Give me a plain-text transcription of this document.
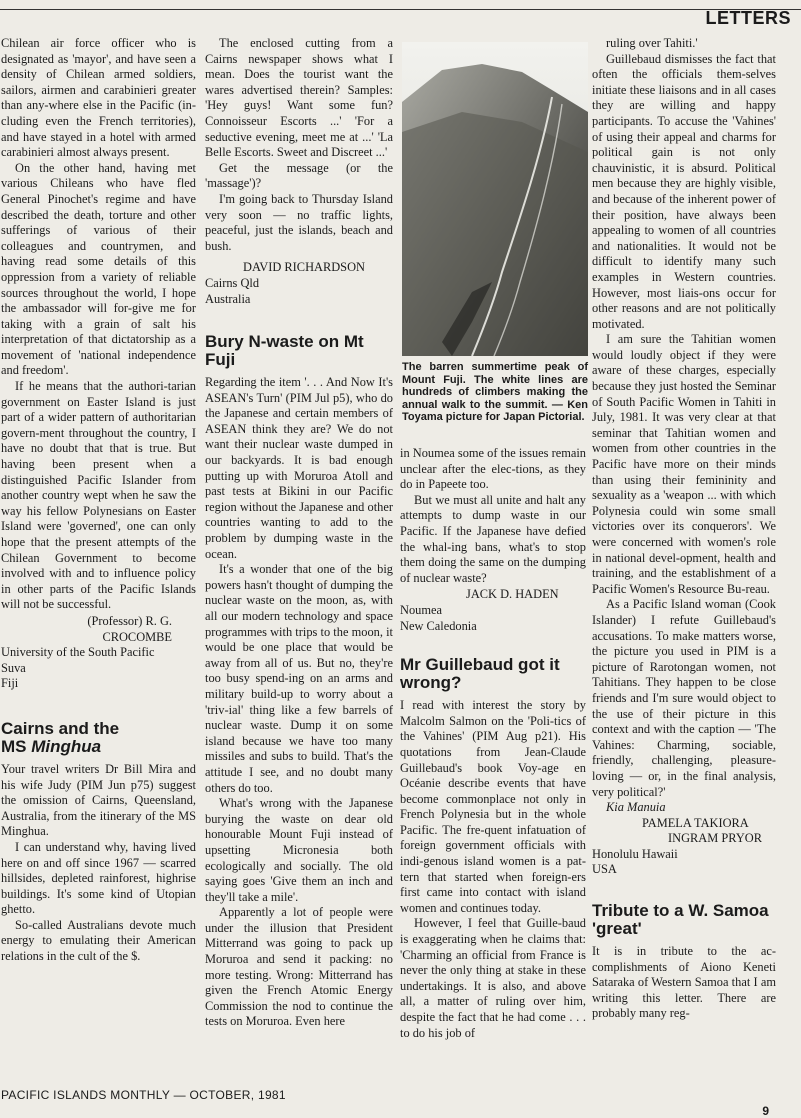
LETTERS

Chilean air force officer who is designated as 'mayor', and have seen a density of Chilean armed soldiers, sailors, airmen and carabinieri greater than any-where else in the Pacific (in-cluding even the French territories), and have stayed in a hotel with armed carabinieri almost always present.

On the other hand, having met various Chileans who have fled General Pinochet's regime and have described the death, torture and other sufferings of various of their colleagues and countrymen, and having read some details of this oppression from a variety of reliable sources throughout the world, I hope the ambassador will for-give me for taking with a grain of salt his interpretation of that dictatorship as a movement of 'national independence and freedom'.

If he means that the authori-tarian government on Easter Island is just part of a wider pattern of authoritarian govern-ment throughout the country, I have no doubt that that is true. But having been present when a distinguished Pacific Islander from another country wept when he saw the way his fellow Polynesians on Easter Island were 'governed', one can only hope that the present attempts of the Chilean Government to become involved with and to influence policy in other parts of the Pacific Islands will not be successful.

(Professor) R. G.
CROCOMBE
University of the South Pacific
Suva
Fiji
Cairns and the
MS Minghua

Your travel writers Dr Bill Mira and his wife Judy (PIM Jun p75) suggest the omission of Cairns, Queensland, Australia, from the itinerary of the MS Minghua.

I can understand why, having lived here on and off since 1967 — scarred hillsides, depleted rainforest, highrise buildings. It's some kind of Utopian ghetto.

So-called Australians devote much energy to emulating their American relations in the cult of the $.

The enclosed cutting from a Cairns newspaper shows what I mean. Does the tourist want the wares advertised therein? Samples: 'Hey guys! Want some fun? Connoisseur Escorts ...' 'For a seductive evening, meet me at ...' 'La Belle Escorts. Sweet and Discreet ...'

Get the message (or the 'massage')?

I'm going back to Thursday Island very soon — no traffic lights, peaceful, just the islands, beach and bush.

DAVID RICHARDSON
Cairns Qld
Australia
Bury N-waste on Mt Fuji

Regarding the item '. . . And Now It's ASEAN's Turn' (PIM Jul p5), who do the Japanese and certain members of ASEAN think they are? We do not want their nuclear waste dumped in our backyards. It is bad enough putting up with Moruroa Atoll and past tests at Bikini in our Pacific region without the Japanese and other countries wanting to add to the problem by dumping waste in the ocean.

It's a wonder that one of the big powers hasn't thought of dumping the nuclear waste on the moon, as, with all our modern technology and space programmes with trips to the moon, it would be one place that would be away from all of us. But no, they're too busy spend-ing on an arms and military build-up to worry about a 'triv-ial' thing like a few barrels of nuclear waste. Dump it on some island because we have too many missiles and subs to build. That's the attitude I see, and no doubt many others do too.

What's wrong with the Japanese burying the waste on dear old honourable Mount Fuji instead of upsetting Micronesia both ecologically and socially. The old saying goes 'Give them an inch and they'll take a mile'.

Apparently a lot of people were under the illusion that President Mitterrand was going to pack up Moruroa and send it packing: no more testing. Wrong: Mitterrand has given the French Atomic Energy Commission the nod to continue the tests on Moruroa. Even here

The barren summertime peak of Mount Fuji. The white lines are hundreds of climbers making the annual walk to the summit. — Ken Toyama picture for Japan Pictorial.

in Noumea some of the issues remain unclear after the elec-tions, as they do in Papeete too.

But we must all unite and halt any attempts to dump waste in our Pacific. If the Japanese have defied the whal-ing bans, what's to stop them doing the same on the dumping of nuclear waste?

JACK D. HADEN
Noumea
New Caledonia
Mr Guillebaud got it wrong?

I read with interest the story by Malcolm Salmon on the 'Poli-tics of the Vahines' (PIM Aug p21). His quotations from Jean-Claude Guillebaud's book Voy-age en Océanie describe events that have become commonplace not only in French Polynesia but in the whole Pacific. The fre-quent infatuation of foreign government officials with indi-genous island women is a pat-tern that started when foreign-ers first came into contact with island women and continues today.

However, I feel that Guille-baud is exaggerating when he claims that: 'Charming an official from France is never the only thing at stake in these undertakings. It is also, and above all, a matter of ruling over him, despite the fact that he had come . . . to do his job of

ruling over Tahiti.'

Guillebaud dismisses the fact that often the officials them-selves initiate these liaisons and in all cases they are willing and happy participants. To accuse the 'Vahines' of using their appeal and charms for political gain is not only chauvinistic, it is absurd. Political men because they are highly visible, and because of the inherent power of their position, have always been appealing to women of all countries and nationalities. It would not be difficult to identify many such examples in Western countries. However, most liais-ons occur for other reasons and are not politically motivated.

I am sure the Tahitian women would loudly object if they were aware of these charges, especially because they just hosted the Seminar of South Pacific Women in Tahiti in July, 1981. It was very clear at that seminar that Tahitian women and women from other countries in the Pacific have more on their minds than using their femininity and sexuality as a 'weapon ... with which Polynesia could win some small victories over its conquerors'. We were concerned with women's role in national devel-opment, health and training, and the establishment of a Pacific Women's Resource Bu-reau.

As a Pacific Island woman (Cook Islander) I refute Guillebaud's accusations. To make matters worse, the picture you used in PIM is a picture of Rarotongan women, not Tahitians. They happen to be close friends and I'm sure would object to the use of their picture in this context and with the caption — 'The Vahines: Charming, sociable, friendly, challenging, pleasure-loving — or, in the final analysis, very political?'

Kia Manuia
PAMELA TAKIORA
INGRAM PRYOR
Honolulu Hawaii
USA
Tribute to a W. Samoa 'great'

It is in tribute to the ac-complishments of Aiono Keneti Sataraka of Western Samoa that I am writing this letter. There are probably many reg-

PACIFIC ISLANDS MONTHLY — OCTOBER, 1981
9
